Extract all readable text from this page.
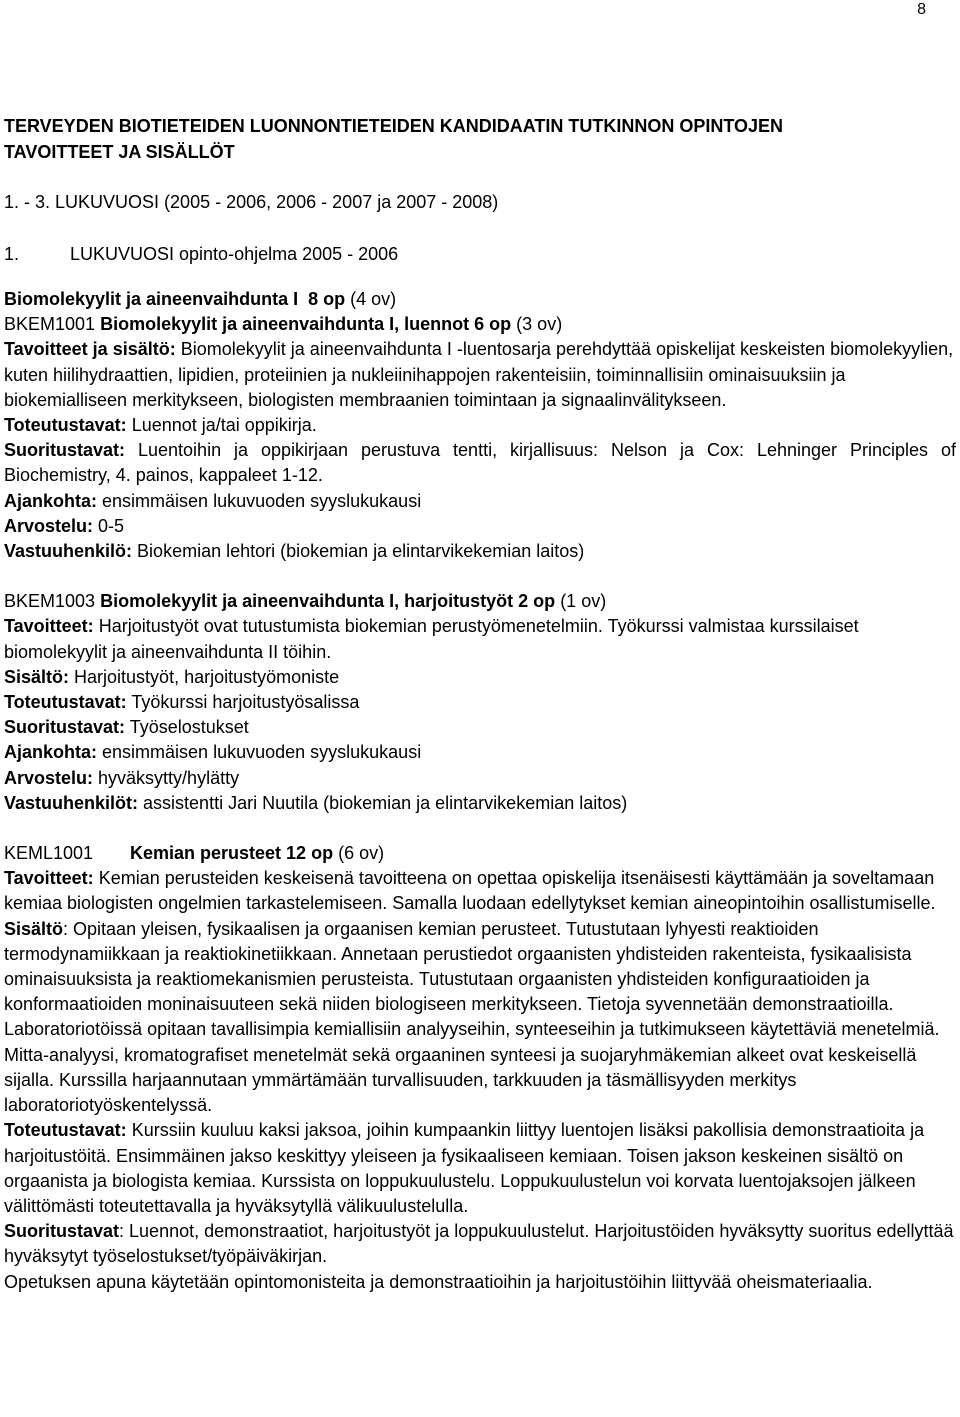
8
TERVEYDEN BIOTIETEIDEN LUONNONTIETEIDEN KANDIDAATIN TUTKINNON OPINTOJEN
TAVOITTEET JA SISÄLLÖT
1. - 3. LUKUVUOSI (2005 - 2006, 2006 - 2007 ja 2007 - 2008)
1.	LUKUVUOSI opinto-ohjelma 2005 - 2006
Biomolekyylit ja aineenvaihdunta I 8 op (4 ov)
BKEM1001 Biomolekyylit ja aineenvaihdunta I, luennot 6 op (3 ov)
Tavoitteet ja sisältö: Biomolekyylit ja aineenvaihdunta I -luentosarja perehdyttää opiskelijat keskeisten biomolekyylien, kuten hiilihydraattien, lipidien, proteiinien ja nukleiinihappojen rakenteisiin, toiminnallisiin ominaisuuksiin ja biokemialliseen merkitykseen, biologisten membraanien toimintaan ja signaalinvälitykseen.
Toteutustavat: Luennot ja/tai oppikirja.
Suoritustavat: Luentoihin ja oppikirjaan perustuva tentti, kirjallisuus: Nelson ja Cox: Lehninger Principles of Biochemistry, 4. painos, kappaleet 1-12.
Ajankohta: ensimmäisen lukuvuoden syyslukukausi
Arvostelu: 0-5
Vastuuhenkilö: Biokemian lehtori (biokemian ja elintarvikekemian laitos)
BKEM1003 Biomolekyylit ja aineenvaihdunta I, harjoitustyöt 2 op (1 ov)
Tavoitteet: Harjoitustyöt ovat tutustumista biokemian perustyömenetelmiin. Työkurssi valmistaa kurssilaiset biomolekyylit ja aineenvaihdunta II töihin.
Sisältö: Harjoitustyöt, harjoitustyömoniste
Toteutustavat: Työkurssi harjoitustyösalissa
Suoritustavat: Työselostukset
Ajankohta: ensimmäisen lukuvuoden syyslukukausi
Arvostelu: hyväksytty/hylätty
Vastuuhenkilöt: assistentti Jari Nuutila (biokemian ja elintarvikekemian laitos)
KEML1001 Kemian perusteet 12 op (6 ov)
Tavoitteet: Kemian perusteiden keskeisenä tavoitteena on opettaa opiskelija itsenäisesti käyttämään ja soveltamaan kemiaa biologisten ongelmien tarkastelemiseen. Samalla luodaan edellytykset kemian aineopintoihin osallistumiselle.
Sisältö: Opitaan yleisen, fysikaalisen ja orgaanisen kemian perusteet. Tutustutaan lyhyesti reaktioiden termodynamiikkaan ja reaktiokinetiikkaan. Annetaan perustiedot orgaanisten yhdisteiden rakenteista, fysikaalisista ominaisuuksista ja reaktiomekanismien perusteista. Tutustutaan orgaanisten yhdisteiden konfiguraatioiden ja konformaatioiden moninaisuuteen sekä niiden biologiseen merkitykseen. Tietoja syvennetään demonstraatioilla. Laboratoriotöissä opitaan tavallisimpia kemiallisiin analyyseihin, synteeseihin ja tutkimukseen käytettäviä menetelmiä. Mitta-analyysi, kromatografiset menetelmät sekä orgaaninen synteesi ja suojaryhmäkemian alkeet ovat keskeisellä sijalla. Kurssilla harjaannutaan ymmärtämään turvallisuuden, tarkkuuden ja täsmällisyyden merkitys laboratoriotyöskentelyssä.
Toteutustavat: Kurssiin kuuluu kaksi jaksoa, joihin kumpaankin liittyy luentojen lisäksi pakollisia demonstraatioita ja harjoitustöitä. Ensimmäinen jakso keskittyy yleiseen ja fysikaaliseen kemiaan. Toisen jakson keskeinen sisältö on orgaanista ja biologista kemiaa. Kurssista on loppukuulustelu. Loppukuulustelun voi korvata luentojaksojen jälkeen välittömästi toteutettavalla ja hyväksytyllä välikuulustelulla.
Suoritustavat: Luennot, demonstraatiot, harjoitustyöt ja loppukuulustelut. Harjoitustöiden hyväksytty suoritus edellyttää hyväksytyt työselostukset/työpäiväkirjan.
Opetuksen apuna käytetään opintomonisteita ja demonstraatioihin ja harjoitustöihin liittyvää oheismateriaalia.
